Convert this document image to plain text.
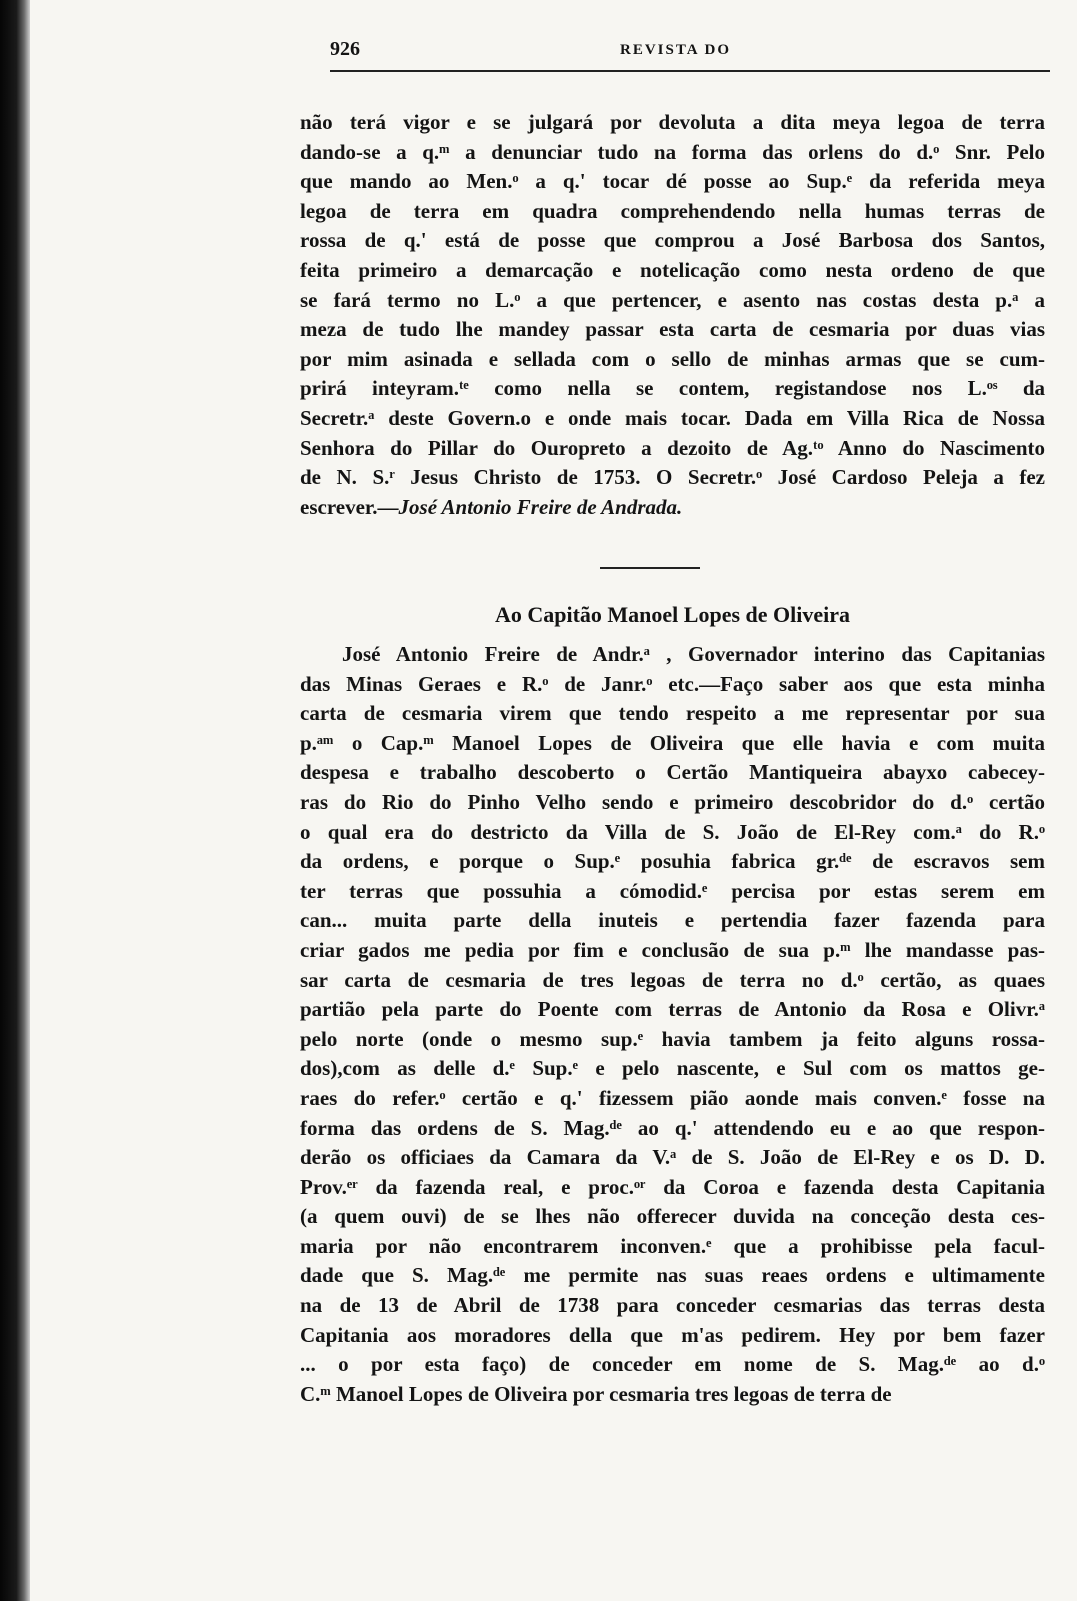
926	REVISTA DO
não terá vigor e se julgará por devoluta a dita meya legoa de terra
dando-se a q.ᵐ a denunciar tudo na forma das orlens do d.ᵒ Snr. Pelo
que mando ao Men.ᵒ a q.' tocar dé posse ao Sup.ᵉ da referida meya
legoa de terra em quadra comprehendendo nella humas terras de
rossa de q.' está de posse que comprou a José Barbosa dos Santos,
feita primeiro a demarcação e notelicação como nesta ordeno de que
se fará termo no L.ᵒ a que pertencer, e asento nas costas desta p.ᵃ a
meza de tudo lhe mandey passar esta carta de cesmaria por duas vias
por mim asinada e sellada com o sello de minhas armas que se cum-
prirá inteyram.ᵗᵉ como nella se contem, registandose nos L.ᵒˢ da
Secretr.ᵃ deste Govern.o e onde mais tocar. Dada em Villa Rica de Nossa
Senhora do Pillar do Ouropreto a dezoito de Ag.ᵗᵒ Anno do Nascimento
de N. S.ʳ Jesus Christo de 1753. O Secretr.ᵒ José Cardoso Peleja a fez
escrever.—José Antonio Freire de Andrada.
Ao Capitão Manoel Lopes de Oliveira
José Antonio Freire de Andr.ᵃ , Governador interino das Capitanias
das Minas Geraes e R.ᵒ de Janr.ᵒ etc.—Faço saber aos que esta minha
carta de cesmaria virem que tendo respeito a me representar por sua
p.ᵃᵐ o Cap.ᵐ Manoel Lopes de Oliveira que elle havia e com muita
despesa e trabalho descoberto o Certão Mantiqueira abayxo cabecey-
ras do Rio do Pinho Velho sendo e primeiro descobridor do d.ᵒ certão
o qual era do destricto da Villa de S. João de El-Rey com.ᵃ do R.ᵒ
da ordens, e porque o Sup.ᵉ posuhia fabrica gr.ᵈᵉ de escravos sem
ter terras que possuhia a cómodid.ᵉ percisa por estas serem em
can... muita parte della inuteis e pertendia fazer fazenda para
criar gados me pedia por fim e conclusão de sua p.ᵐ lhe mandasse pas-
sar carta de cesmaria de tres legoas de terra no d.ᵒ certão, as quaes
partião pela parte do Poente com terras de Antonio da Rosa e Olivr.ᵃ
pelo norte (onde o mesmo sup.ᵉ havia tambem ja feito alguns rossa-
dos),com as delle d.ᵉ Sup.ᵉ e pelo nascente, e Sul com os mattos ge-
raes do refer.ᵒ certão e q.' fizessem pião aonde mais conven.ᵉ fosse na
forma das ordens de S. Mag.ᵈᵉ ao q.' attendendo eu e ao que respon-
derão os officiaes da Camara da V.ᵃ de S. João de El-Rey e os D. D.
Prov.ᵉʳ da fazenda real, e proc.ᵒʳ da Coroa e fazenda desta Capitania
(a quem ouvi) de se lhes não offerecer duvida na conceção desta ces-
maria por não encontrarem inconven.ᵉ que a prohibisse pela facul-
dade que S. Mag.ᵈᵉ me permite nas suas reaes ordens e ultimamente
na de 13 de Abril de 1738 para conceder cesmarias das terras desta
Capitania aos moradores della que m'as pedirem. Hey por bem fazer
... o por esta faço) de conceder em nome de S. Mag.ᵈᵉ ao d.ᵒ
C.ᵐ Manoel Lopes de Oliveira por cesmaria tres legoas de terra de
